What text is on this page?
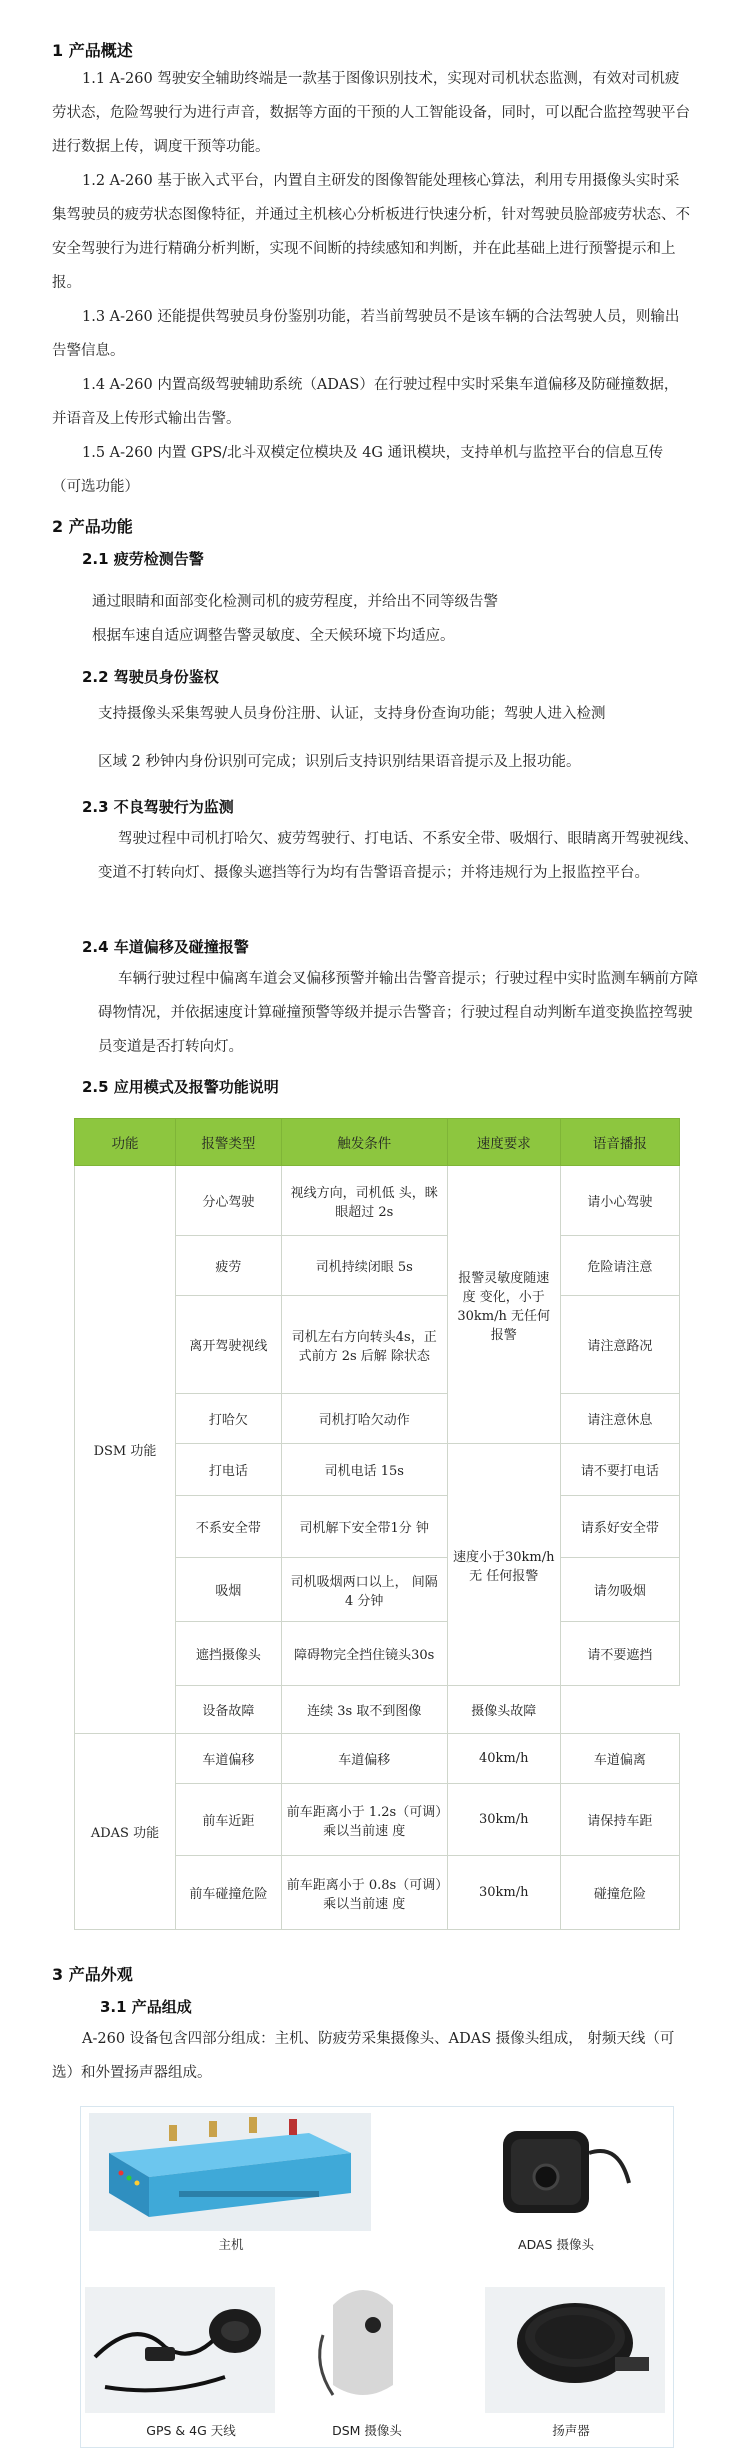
1 产品概述
1.1 A-260 驾驶安全辅助终端是一款基于图像识别技术，实现对司机状态监测，有效对司机疲劳状态，危险驾驶行为进行声音，数据等方面的干预的人工智能设备，同时，可以配合监控驾驶平台进行数据上传，调度干预等功能。
1.2 A-260 基于嵌入式平台，内置自主研发的图像智能处理核心算法，利用专用摄像头实时采集驾驶员的疲劳状态图像特征，并通过主机核心分析板进行快速分析，针对驾驶员脸部疲劳状态、不安全驾驶行为进行精确分析判断，实现不间断的持续感知和判断，并在此基础上进行预警提示和上报。
1.3 A-260 还能提供驾驶员身份鉴别功能，若当前驾驶员不是该车辆的合法驾驶人员，则输出告警信息。
1.4 A-260 内置高级驾驶辅助系统（ADAS）在行驶过程中实时采集车道偏移及防碰撞数据，并语音及上传形式输出告警。
1.5 A-260 内置 GPS/北斗双模定位模块及 4G 通讯模块，支持单机与监控平台的信息互传（可选功能）
2 产品功能
2.1 疲劳检测告警
通过眼睛和面部变化检测司机的疲劳程度，并给出不同等级告警
根据车速自适应调整告警灵敏度、全天候环境下均适应。
2.2 驾驶员身份鉴权
支持摄像头采集驾驶人员身份注册、认证，支持身份查询功能；驾驶人进入检测
区域 2 秒钟内身份识别可完成；识别后支持识别结果语音提示及上报功能。
2.3 不良驾驶行为监测
驾驶过程中司机打哈欠、疲劳驾驶行、打电话、不系安全带、吸烟行、眼睛离开驾驶视线、变道不打转向灯、摄像头遮挡等行为均有告警语音提示；并将违规行为上报监控平台。
2.4 车道偏移及碰撞报警
车辆行驶过程中偏离车道会叉偏移预警并输出告警音提示；行驶过程中实时监测车辆前方障碍物情况，并依据速度计算碰撞预警等级并提示告警音；行驶过程自动判断车道变换监控驾驶员变道是否打转向灯。
2.5 应用模式及报警功能说明
功能	报警类型	触发条件	速度要求	语音播报
DSM 功能	分心驾驶	视线方向，司机低 头，眯眼超过 2s	报警灵敏度随速度 变化，小于30km/h 无任何报警	请小心驾驶
	疲劳	司机持续闭眼 5s		危险请注意
	离开驾驶视线	司机左右方向转头4s，正式前方 2s 后解 除状态		请注意路况
	打哈欠	司机打哈欠动作		请注意休息
	打电话	司机电话 15s	速度小于30km/h 无 任何报警	请不要打电话
	不系安全带	司机解下安全带1分 钟		请系好安全带
	吸烟	司机吸烟两口以上， 间隔 4 分钟		请勿吸烟
	遮挡摄像头	障碍物完全挡住镜头30s		请不要遮挡
	设备故障	连续 3s 取不到图像	摄像头故障	
ADAS 功能	车道偏移	车道偏移	40km/h	车道偏离
	前车近距	前车距离小于 1.2s（可调）乘以当前速 度	30km/h	请保持车距
	前车碰撞危险	前车距离小于 0.8s（可调）乘以当前速 度	30km/h	碰撞危险
3 产品外观
3.1 产品组成
A-260 设备包含四部分组成：主机、防疲劳采集摄像头、ADAS 摄像头组成， 射频天线（可选）和外置扬声器组成。
主机	ADAS 摄像头
GPS & 4G 天线	DSM 摄像头	扬声器
